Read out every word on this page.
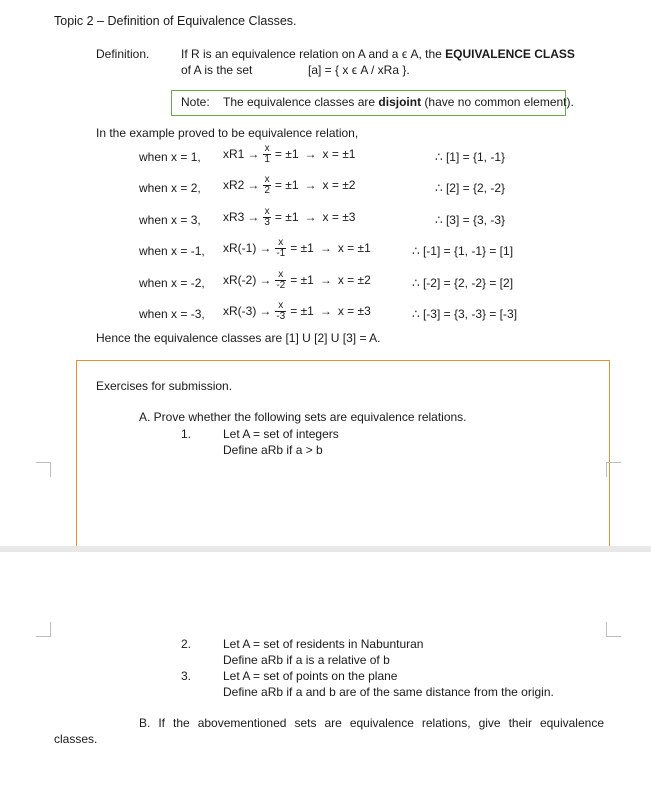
Topic 2 – Definition of Equivalence Classes.
Definition.	If R is an equivalence relation on A and a ϵ A, the EQUIVALENCE CLASS
of A is the set	[a] = { x ϵ A / xRa }.
Note: The equivalence classes are disjoint (have no common element).
In the example proved to be equivalence relation,
when x = 1, $xR1 \to \frac{x}{1} = \pm 1 \to x = \pm 1$	∴ [1] = {1, -1}
when x = 2, $xR2 \to \frac{x}{2} = \pm 1 \to x = \pm 2$	∴ [2] = {2, -2}
when x = 3, $xR3 \to \frac{x}{3} = \pm 1 \to x = \pm 3$	∴ [3] = {3, -3}
when x = -1, $xR(-1) \to \frac{x}{-1} = \pm 1 \to x = \pm 1$	∴ [-1] = {1, -1} = [1]
when x = -2, $xR(-2) \to \frac{x}{-2} = \pm 1 \to x = \pm 2$	∴ [-2] = {2, -2} = [2]
when x = -3, $xR(-3) \to \frac{x}{-3} = \pm 1 \to x = \pm 3$	∴ [-3] = {3, -3} = [-3]
Hence the equivalence classes are [1] U [2] U [3] = A.
Exercises for submission.
A. Prove whether the following sets are equivalence relations.
1.	Let A = set of integers
Define aRb if a > b
2.	Let A = set of residents in Nabunturan
Define aRb if a is a relative of b
3.	Let A = set of points on the plane
Define aRb if a and b are of the same distance from the origin.
B. If the abovementioned sets are equivalence relations, give their equivalence
classes.
